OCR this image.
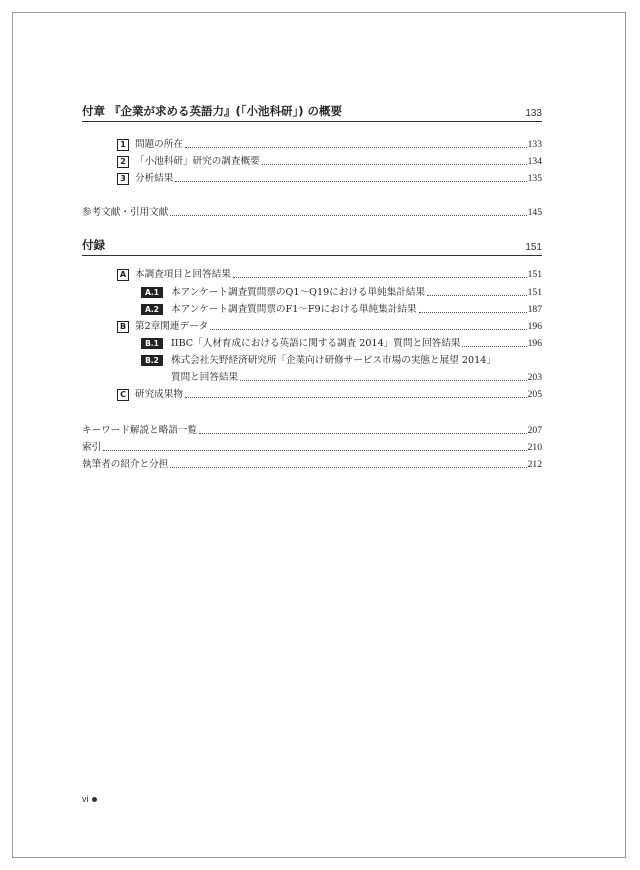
付章 『企業が求める英語力』(「小池科研」) の概要	133
1 問題の所在	133
2 「小池科研」研究の調査概要	134
3 分析結果	135
参考文献・引用文献	145
付録	151
A 本調査項目と回答結果	151
A.1	本アンケート調査質問票のQ1～Q19における単純集計結果	151
A.2	本アンケート調査質問票のF1～F9における単純集計結果	187
B 第2章関連データ	196
B.1	IIBC「人材育成における英語に関する調査 2014」質問と回答結果	196
B.2 株式会社矢野経済研究所「企業向け研修サービス市場の実態と展望 2014」
質問と回答結果	203
C 研究成果物	205
キーワード解説と略語一覧	207
索引	210
執筆者の紹介と分担	212
vi
